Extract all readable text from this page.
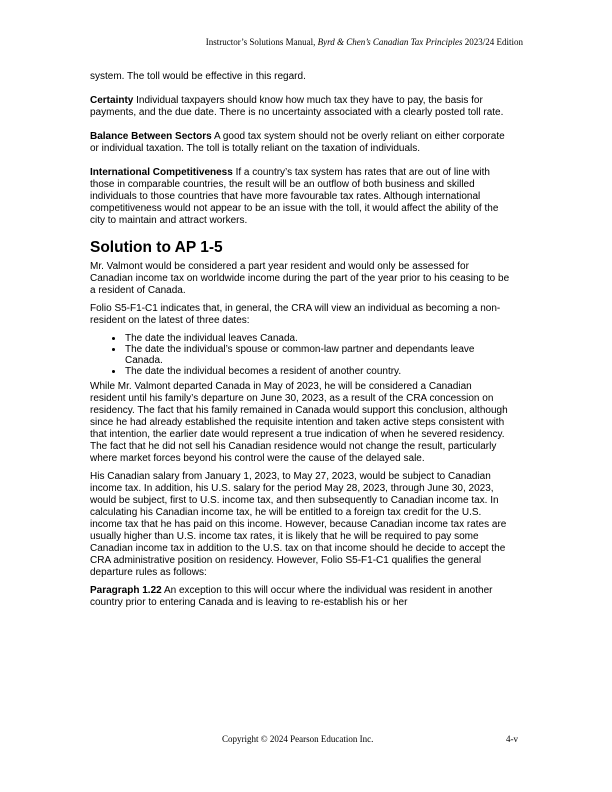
Instructor’s Solutions Manual, Byrd & Chen’s Canadian Tax Principles 2023/24 Edition

system. The toll would be effective in this regard.

Certainty Individual taxpayers should know how much tax they have to pay, the basis for payments, and the due date. There is no uncertainty associated with a clearly posted toll rate.

Balance Between Sectors A good tax system should not be overly reliant on either corporate or individual taxation. The toll is totally reliant on the taxation of individuals.

International Competitiveness If a country’s tax system has rates that are out of line with those in comparable countries, the result will be an outflow of both business and skilled individuals to those countries that have more favourable tax rates. Although international competitiveness would not appear to be an issue with the toll, it would affect the ability of the city to maintain and attract workers.

Solution to AP 1-5

Mr. Valmont would be considered a part year resident and would only be assessed for Canadian income tax on worldwide income during the part of the year prior to his ceasing to be a resident of Canada.

Folio S5-F1-C1 indicates that, in general, the CRA will view an individual as becoming a non-resident on the latest of three dates:

• The date the individual leaves Canada.
• The date the individual’s spouse or common-law partner and dependants leave Canada.
• The date the individual becomes a resident of another country.

While Mr. Valmont departed Canada in May of 2023, he will be considered a Canadian resident until his family’s departure on June 30, 2023, as a result of the CRA concession on residency. The fact that his family remained in Canada would support this conclusion, although since he had already established the requisite intention and taken active steps consistent with that intention, the earlier date would represent a true indication of when he severed residency. The fact that he did not sell his Canadian residence would not change the result, particularly where market forces beyond his control were the cause of the delayed sale.

His Canadian salary from January 1, 2023, to May 27, 2023, would be subject to Canadian income tax. In addition, his U.S. salary for the period May 28, 2023, through June 30, 2023, would be subject, first to U.S. income tax, and then subsequently to Canadian income tax. In calculating his Canadian income tax, he will be entitled to a foreign tax credit for the U.S. income tax that he has paid on this income. However, because Canadian income tax rates are usually higher than U.S. income tax rates, it is likely that he will be required to pay some Canadian income tax in addition to the U.S. tax on that income should he decide to accept the CRA administrative position on residency. However, Folio S5-F1-C1 qualifies the general departure rules as follows:

Paragraph 1.22 An exception to this will occur where the individual was resident in another country prior to entering Canada and is leaving to re-establish his or her

Copyright © 2024 Pearson Education Inc.	4-v
